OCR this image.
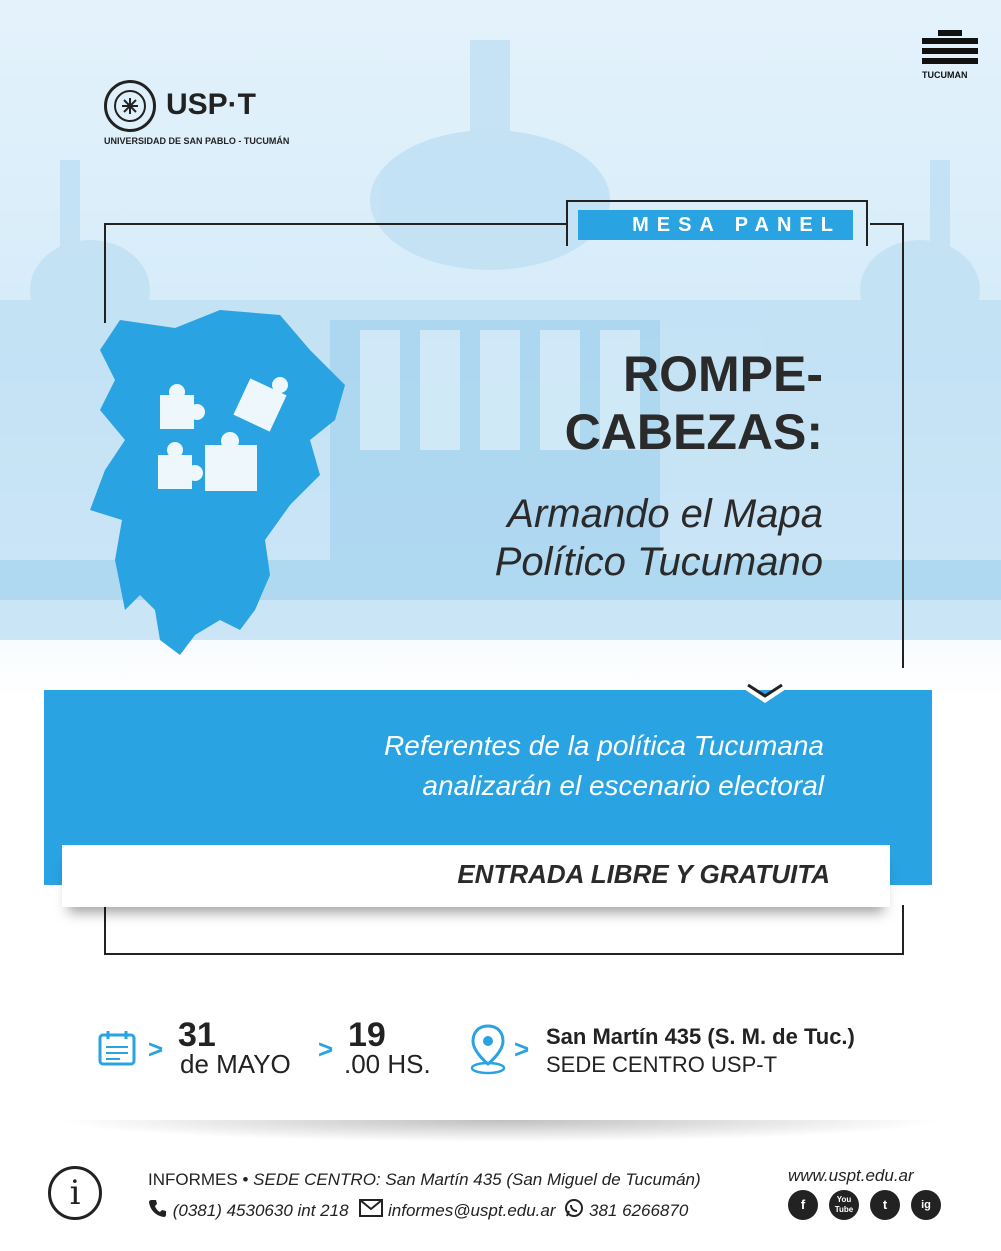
USP·T
UNIVERSIDAD DE SAN PABLO - TUCUMÁN
TUCUMAN
MESA PANEL
ROMPE-
CABEZAS:
Armando el Mapa
Político Tucumano
Referentes de la política Tucumana
analizarán el escenario electoral
ENTRADA LIBRE Y GRATUITA
> 31
de MAYO > 19
.00 HS.	> San Martín 435 (S. M. de Tuc.)
SEDE CENTRO USP-T
i	INFORMES • SEDE CENTRO: San Martín 435 (San Miguel de Tucumán)
(0381) 4530630 int 218 informes@uspt.edu.ar 381 6266870
www.uspt.edu.ar
f	You Tube	t	ig
